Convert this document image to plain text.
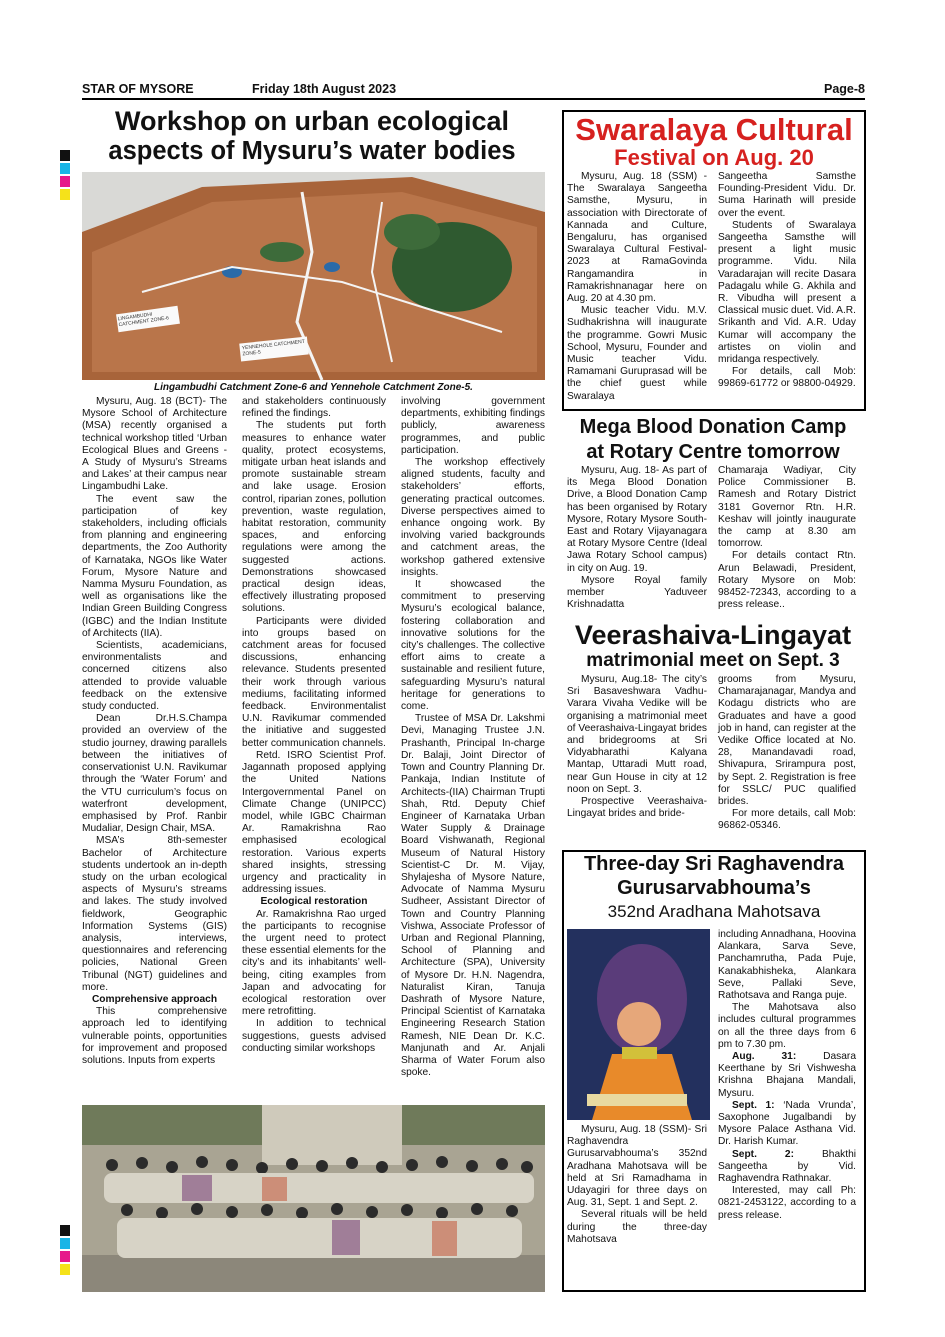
STAR OF MYSORE	Friday 18th August 2023	Page-8
Workshop on urban ecological
aspects of Mysuru’s water bodies
LINGAMBUDHI CATCHMENT ZONE-6
YENNEHOLE CATCHMENT ZONE-5
Lingambudhi Catchment Zone-6 and Yennehole Catchment Zone-5.

Mysuru, Aug. 18 (BCT)- The Mysore School of Architecture (MSA) recently organised a technical workshop titled ‘Urban Ecological Blues and Greens - A Study of Mysuru’s Streams and Lakes’ at their campus near Lingambudhi Lake.

The event saw the participation of key stakeholders, including officials from planning and engineering departments, the Zoo Authority of Karnataka, NGOs like Water Forum, Mysore Nature and Namma Mysuru Foundation, as well as organisations like the Indian Green Building Congress (IGBC) and the Indian Institute of Architects (IIA).

Scientists, academicians, environmentalists and concerned citizens also attended to provide valuable feedback on the extensive study conducted.

Dean Dr.H.S.Champa provided an overview of the studio journey, drawing parallels between the initiatives of conservationist U.N. Ravikumar through the ‘Water Forum’ and the VTU curriculum’s focus on waterfront development, emphasised by Prof. Ranbir Mudaliar, Design Chair, MSA.

MSA’s 8th-semester Bachelor of Architecture students undertook an in-depth study on the urban ecological aspects of Mysuru’s streams and lakes. The study involved fieldwork, Geographic Information Systems (GIS) analysis, interviews, questionnaires and referencing policies, National Green Tribunal (NGT) guidelines and more.

Comprehensive approach

This comprehensive approach led to identifying vulnerable points, opportunities for improvement and proposed solutions. Inputs from experts

and stakeholders continuously refined the findings.

The students put forth measures to enhance water quality, protect ecosystems, mitigate urban heat islands and promote sustainable stream and lake usage. Erosion control, riparian zones, pollution prevention, waste regulation, habitat restoration, community spaces, and enforcing regulations were among the suggested actions. Demonstrations showcased practical design ideas, effectively illustrating proposed solutions.

Participants were divided into groups based on catchment areas for focused discussions, enhancing relevance. Students presented their work through various mediums, facilitating informed feedback. Environmentalist U.N. Ravikumar commended the initiative and suggested better communication channels.

Retd. ISRO Scientist Prof. Jagannath proposed applying the United Nations Intergovernmental Panel on Climate Change (UNIPCC) model, while IGBC Chairman Ar. Ramakrishna Rao emphasised ecological restoration. Various experts shared insights, stressing urgency and practicality in addressing issues.

Ecological restoration

Ar. Ramakrishna Rao urged the participants to recognise the urgent need to protect these essential elements for the city’s and its inhabitants’ well-being, citing examples from Japan and advocating for ecological restoration over mere retrofitting.

In addition to technical suggestions, guests advised conducting similar workshops

involving government departments, exhibiting findings publicly, awareness programmes, and public participation.

The workshop effectively aligned students, faculty and stakeholders’ efforts, generating practical outcomes. Diverse perspectives aimed to enhance ongoing work. By involving varied backgrounds and catchment areas, the workshop gathered extensive insights.

It showcased the commitment to preserving Mysuru’s ecological balance, fostering collaboration and innovative solutions for the city’s challenges. The collective effort aims to create a sustainable and resilient future, safeguarding Mysuru’s natural heritage for generations to come.

Trustee of MSA Dr. Lakshmi Devi, Managing Trustee J.N. Prashanth, Principal In-charge Dr. Balaji, Joint Director of Town and Country Planning Dr. Pankaja, Indian Institute of Architects-(IIA) Chairman Trupti Shah, Rtd. Deputy Chief Engineer of Karnataka Urban Water Supply & Drainage Board Vishwanath, Regional Museum of Natural History Scientist-C Dr. M. Vijay, Shylajesha of Mysore Nature, Advocate of Namma Mysuru Sudheer, Assistant Director of Town and Country Planning Vishwa, Associate Professor of Urban and Regional Planning, School of Planning and Architecture (SPA), University of Mysore Dr. H.N. Nagendra, Naturalist Kiran, Tanuja Dashrath of Mysore Nature, Principal Scientist of Karnataka Engineering Research Station Ramesh, NIE Dean Dr. K.C. Manjunath and Ar. Anjali Sharma of Water Forum also spoke.

Swaralaya Cultural
Festival on Aug. 20

Mysuru, Aug. 18 (SSM) - The Swaralaya Sangeetha Samsthe, Mysuru, in association with Directorate of Kannada and Culture, Bengaluru, has organised Swaralaya Cultural Festival-2023 at RamaGovinda Rangamandira in Ramakrishnanagar here on Aug. 20 at 4.30 pm.

Music teacher Vidu. M.V. Sudhakrishna will inaugurate the programme. Gowri Music School, Mysuru, Founder and Music teacher Vidu. Ramamani Guruprasad will be the chief guest while Swaralaya

Sangeetha Samsthe Founding-President Vidu. Dr. Suma Harinath will preside over the event.

Students of Swaralaya Sangeetha Samsthe will present a light music programme. Vidu. Nila Varadarajan will recite Dasara Padagalu while G. Akhila and R. Vibudha will present a Classical music duet. Vid. A.R. Srikanth and Vid. A.R. Uday Kumar will accompany the artistes on violin and mridanga respectively.

For details, call Mob: 99869-61772 or 98800-04929.

Mega Blood Donation Camp
at Rotary Centre tomorrow

Mysuru, Aug. 18- As part of its Mega Blood Donation Drive, a Blood Donation Camp has been organised by Rotary Mysore, Rotary Mysore South-East and Rotary Vijayanagara at Rotary Mysore Centre (Ideal Jawa Rotary School campus) in city on Aug. 19.

Mysore Royal family member Yaduveer Krishnadatta

Chamaraja Wadiyar, City Police Commissioner B. Ramesh and Rotary District 3181 Governor Rtn. H.R. Keshav will jointly inaugurate the camp at 8.30 am tomorrow.

For details contact Rtn. Arun Belawadi, President, Rotary Mysore on Mob: 98452-72343, according to a press release..

Veerashaiva-Lingayat
matrimonial meet on Sept. 3

Mysuru, Aug.18- The city’s Sri Basaveshwara Vadhu-Varara Vivaha Vedike will be organising a matrimonial meet of Veerashaiva-Lingayat brides and bridegrooms at Sri Vidyabharathi Kalyana Mantap, Uttaradi Mutt road, near Gun House in city at 12 noon on Sept. 3.

Prospective Veerashaiva-Lingayat brides and bride-

grooms from Mysuru, Chamarajanagar, Mandya and Kodagu districts who are Graduates and have a good job in hand, can register at the Vedike Office located at No. 28, Manandavadi road, Shivapura, Srirampura post, by Sept. 2. Registration is free for SSLC/ PUC qualified brides.

For more details, call Mob: 96862-05346.

Three-day Sri Raghavendra
Gurusarvabhouma’s
352nd Aradhana Mahotsava

Mysuru, Aug. 18 (SSM)- Sri Raghavendra Gurusarvabhouma’s 352nd Aradhana Mahotsava will be held at Sri Ramadhama in Udayagiri for three days on Aug. 31, Sept. 1 and Sept. 2.

Several rituals will be held during the three-day Mahotsava

including Annadhana, Hoovina Alankara, Sarva Seve, Panchamrutha, Pada Puje, Kanakabhisheka, Alankara Seve, Pallaki Seve, Rathotsava and Ranga puje.

The Mahotsava also includes cultural programmes on all the three days from 6 pm to 7.30 pm.

Aug. 31:	Dasara Keerthane by Sri Vishwesha Krishna Bhajana Mandali, Mysuru.

Sept. 1: ‘Nada Vrunda’, Saxophone Jugalbandi by Mysore Palace Asthana Vid. Dr. Harish Kumar.

Sept. 2:	Bhakthi Sangeetha by Vid. Raghavendra Rathnakar.

Interested, may call Ph: 0821-2453122, according to a press release.
